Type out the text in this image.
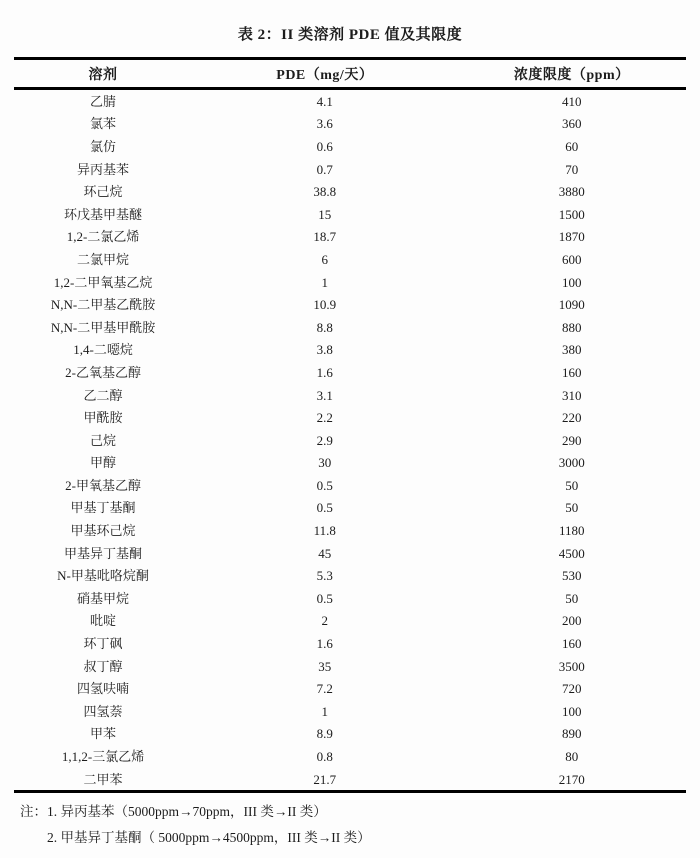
表 2：II 类溶剂 PDE 值及其限度
溶剂	PDE（mg/天）	浓度限度（ppm）
乙腈	4.1	410
氯苯	3.6	360
氯仿	0.6	60
异丙基苯	0.7	70
环己烷	38.8	3880
环戊基甲基醚	15	1500
1,2-二氯乙烯	18.7	1870
二氯甲烷	6	600
1,2-二甲氧基乙烷	1	100
N,N-二甲基乙酰胺	10.9	1090
N,N-二甲基甲酰胺	8.8	880
1,4-二噁烷	3.8	380
2-乙氧基乙醇	1.6	160
乙二醇	3.1	310
甲酰胺	2.2	220
己烷	2.9	290
甲醇	30	3000
2-甲氧基乙醇	0.5	50
甲基丁基酮	0.5	50
甲基环己烷	11.8	1180
甲基异丁基酮	45	4500
N-甲基吡咯烷酮	5.3	530
硝基甲烷	0.5	50
吡啶	2	200
环丁砜	1.6	160
叔丁醇	35	3500
四氢呋喃	7.2	720
四氢萘	1	100
甲苯	8.9	890
1,1,2-三氯乙烯	0.8	80
二甲苯	21.7	2170
注： 1. 异丙基苯（5000ppm→70ppm，III 类→II 类）
2. 甲基异丁基酮（ 5000ppm→4500ppm，III 类→II 类）
